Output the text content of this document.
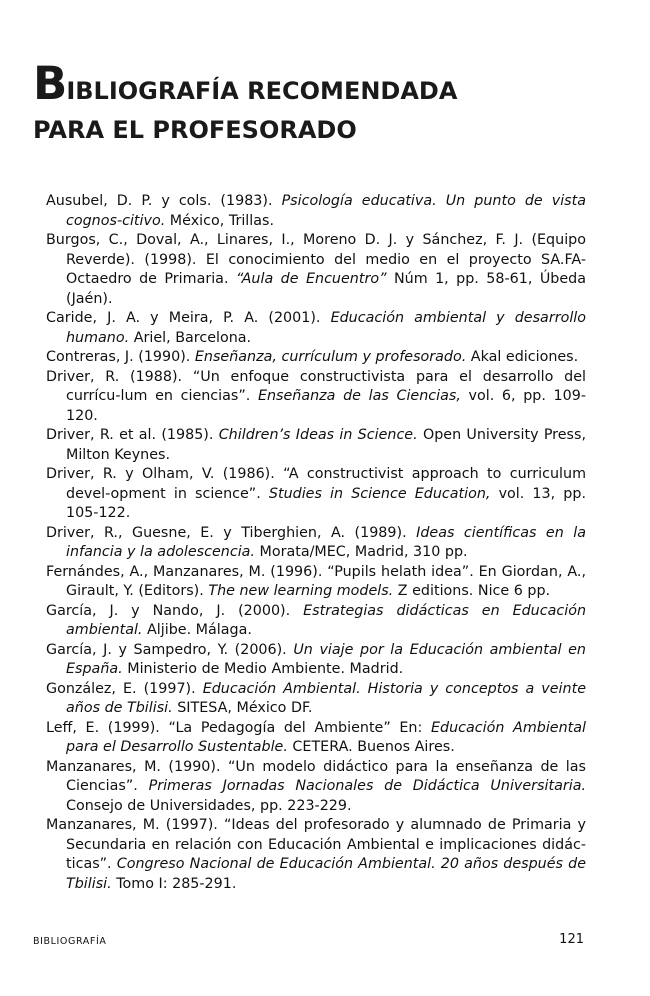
BIBLIOGRAFÍA RECOMENDADA
PARA EL PROFESORADO

Ausubel, D. P. y cols. (1983). Psicología educativa. Un punto de vista cognos-citivo. México, Trillas.

Burgos, C., Doval, A., Linares, I., Moreno D. J. y Sánchez, F. J. (Equipo Reverde). (1998). El conocimiento del medio en el proyecto SA.FA-Octaedro de Primaria. “Aula de Encuentro” Núm 1, pp. 58-61, Úbeda (Jaén).

Caride, J. A. y Meira, P. A. (2001). Educación ambiental y desarrollo humano. Ariel, Barcelona.

Contreras, J. (1990). Enseñanza, currículum y profesorado. Akal ediciones.

Driver, R. (1988). “Un enfoque constructivista para el desarrollo del currícu-lum en ciencias”. Enseñanza de las Ciencias, vol. 6, pp. 109-120.

Driver, R. et al. (1985). Children’s Ideas in Science. Open University Press, Milton Keynes.

Driver, R. y Olham, V. (1986). “A constructivist approach to curriculum devel-opment in science”. Studies in Science Education, vol. 13, pp. 105-122.

Driver, R., Guesne, E. y Tiberghien, A. (1989). Ideas científicas en la infancia y la adolescencia. Morata/MEC, Madrid, 310 pp.

Fernándes, A., Manzanares, M. (1996). “Pupils helath idea”. En Giordan, A., Girault, Y. (Editors). The new learning models. Z editions. Nice 6 pp.

García, J. y Nando, J. (2000). Estrategias didácticas en Educación ambiental. Aljibe. Málaga.

García, J. y Sampedro, Y. (2006). Un viaje por la Educación ambiental en España. Ministerio de Medio Ambiente. Madrid.

González, E. (1997). Educación Ambiental. Historia y conceptos a veinte años de Tbilisi. SITESA, México DF.

Leff, E. (1999). “La Pedagogía del Ambiente” En: Educación Ambiental para el Desarrollo Sustentable. CETERA. Buenos Aires.

Manzanares, M. (1990). “Un modelo didáctico para la enseñanza de las Ciencias”. Primeras Jornadas Nacionales de Didáctica Universitaria. Consejo de Universidades, pp. 223-229.

Manzanares, M. (1997). “Ideas del profesorado y alumnado de Primaria y Secundaria en relación con Educación Ambiental e implicaciones didác-ticas”. Congreso Nacional de Educación Ambiental. 20 años después de Tbilisi. Tomo I: 285-291.

BIBLIOGRAFÍA	121
